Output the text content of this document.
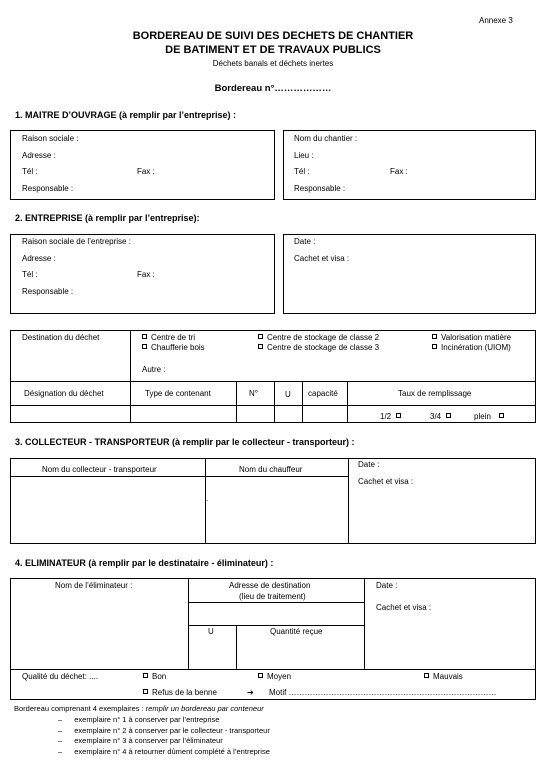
Annexe 3
BORDEREAU DE SUIVI DES DECHETS DE CHANTIER
DE BATIMENT ET DE TRAVAUX PUBLICS
Déchets banals et déchets inertes
Bordereau n°………………
1. MAITRE D’OUVRAGE (à remplir par l’entreprise) :
Raison sociale :
Adresse :
Tél :	Fax :
Responsable :
Nom du chantier :
Lieu :
Tél :	Fax :
Responsable :
2. ENTREPRISE (à remplir par l’entreprise):
Raison sociale de l’entreprise :
Adresse :
Tél :	Fax :
Responsable :
Date :
Cachet et visa :
Destination du déchet	Centre de tri
Chaufferie bois
Centre de stockage de classe 2
Centre de stockage de classe 3
Valorisation matière
Incinération (UIOM)
Autre :
Désignation du déchet	Type de contenant	N°	U capacité	Taux de remplissage
1/2	3/4	plein
3. COLLECTEUR - TRANSPORTEUR (à remplir par le collecteur - transporteur) :
Nom du collecteur - transporteur	Nom du chauffeur
Date :
Cachet et visa :
.
4. ELIMINATEUR (à remplir par le destinataire - éliminateur) :
Nom de l’éliminateur :	Adresse de destination
(lieu de traitement)
U	Quantité reçue
Date :
Cachet et visa :
Qualité du déchet: ....	Bon	Moyen	Mauvais
Refus de la benne	➔ Motif ……………………………………………………………………
Bordereau comprenant 4 exemplaires : remplir un bordereau par conteneur
– exemplaire n° 1 à conserver par l’entreprise
– exemplaire n° 2 à conserver par le collecteur - transporteur
– exemplaire n° 3 à conserver par l’éliminateur
– exemplaire n° 4 à retourner dûment complété à l’entreprise
